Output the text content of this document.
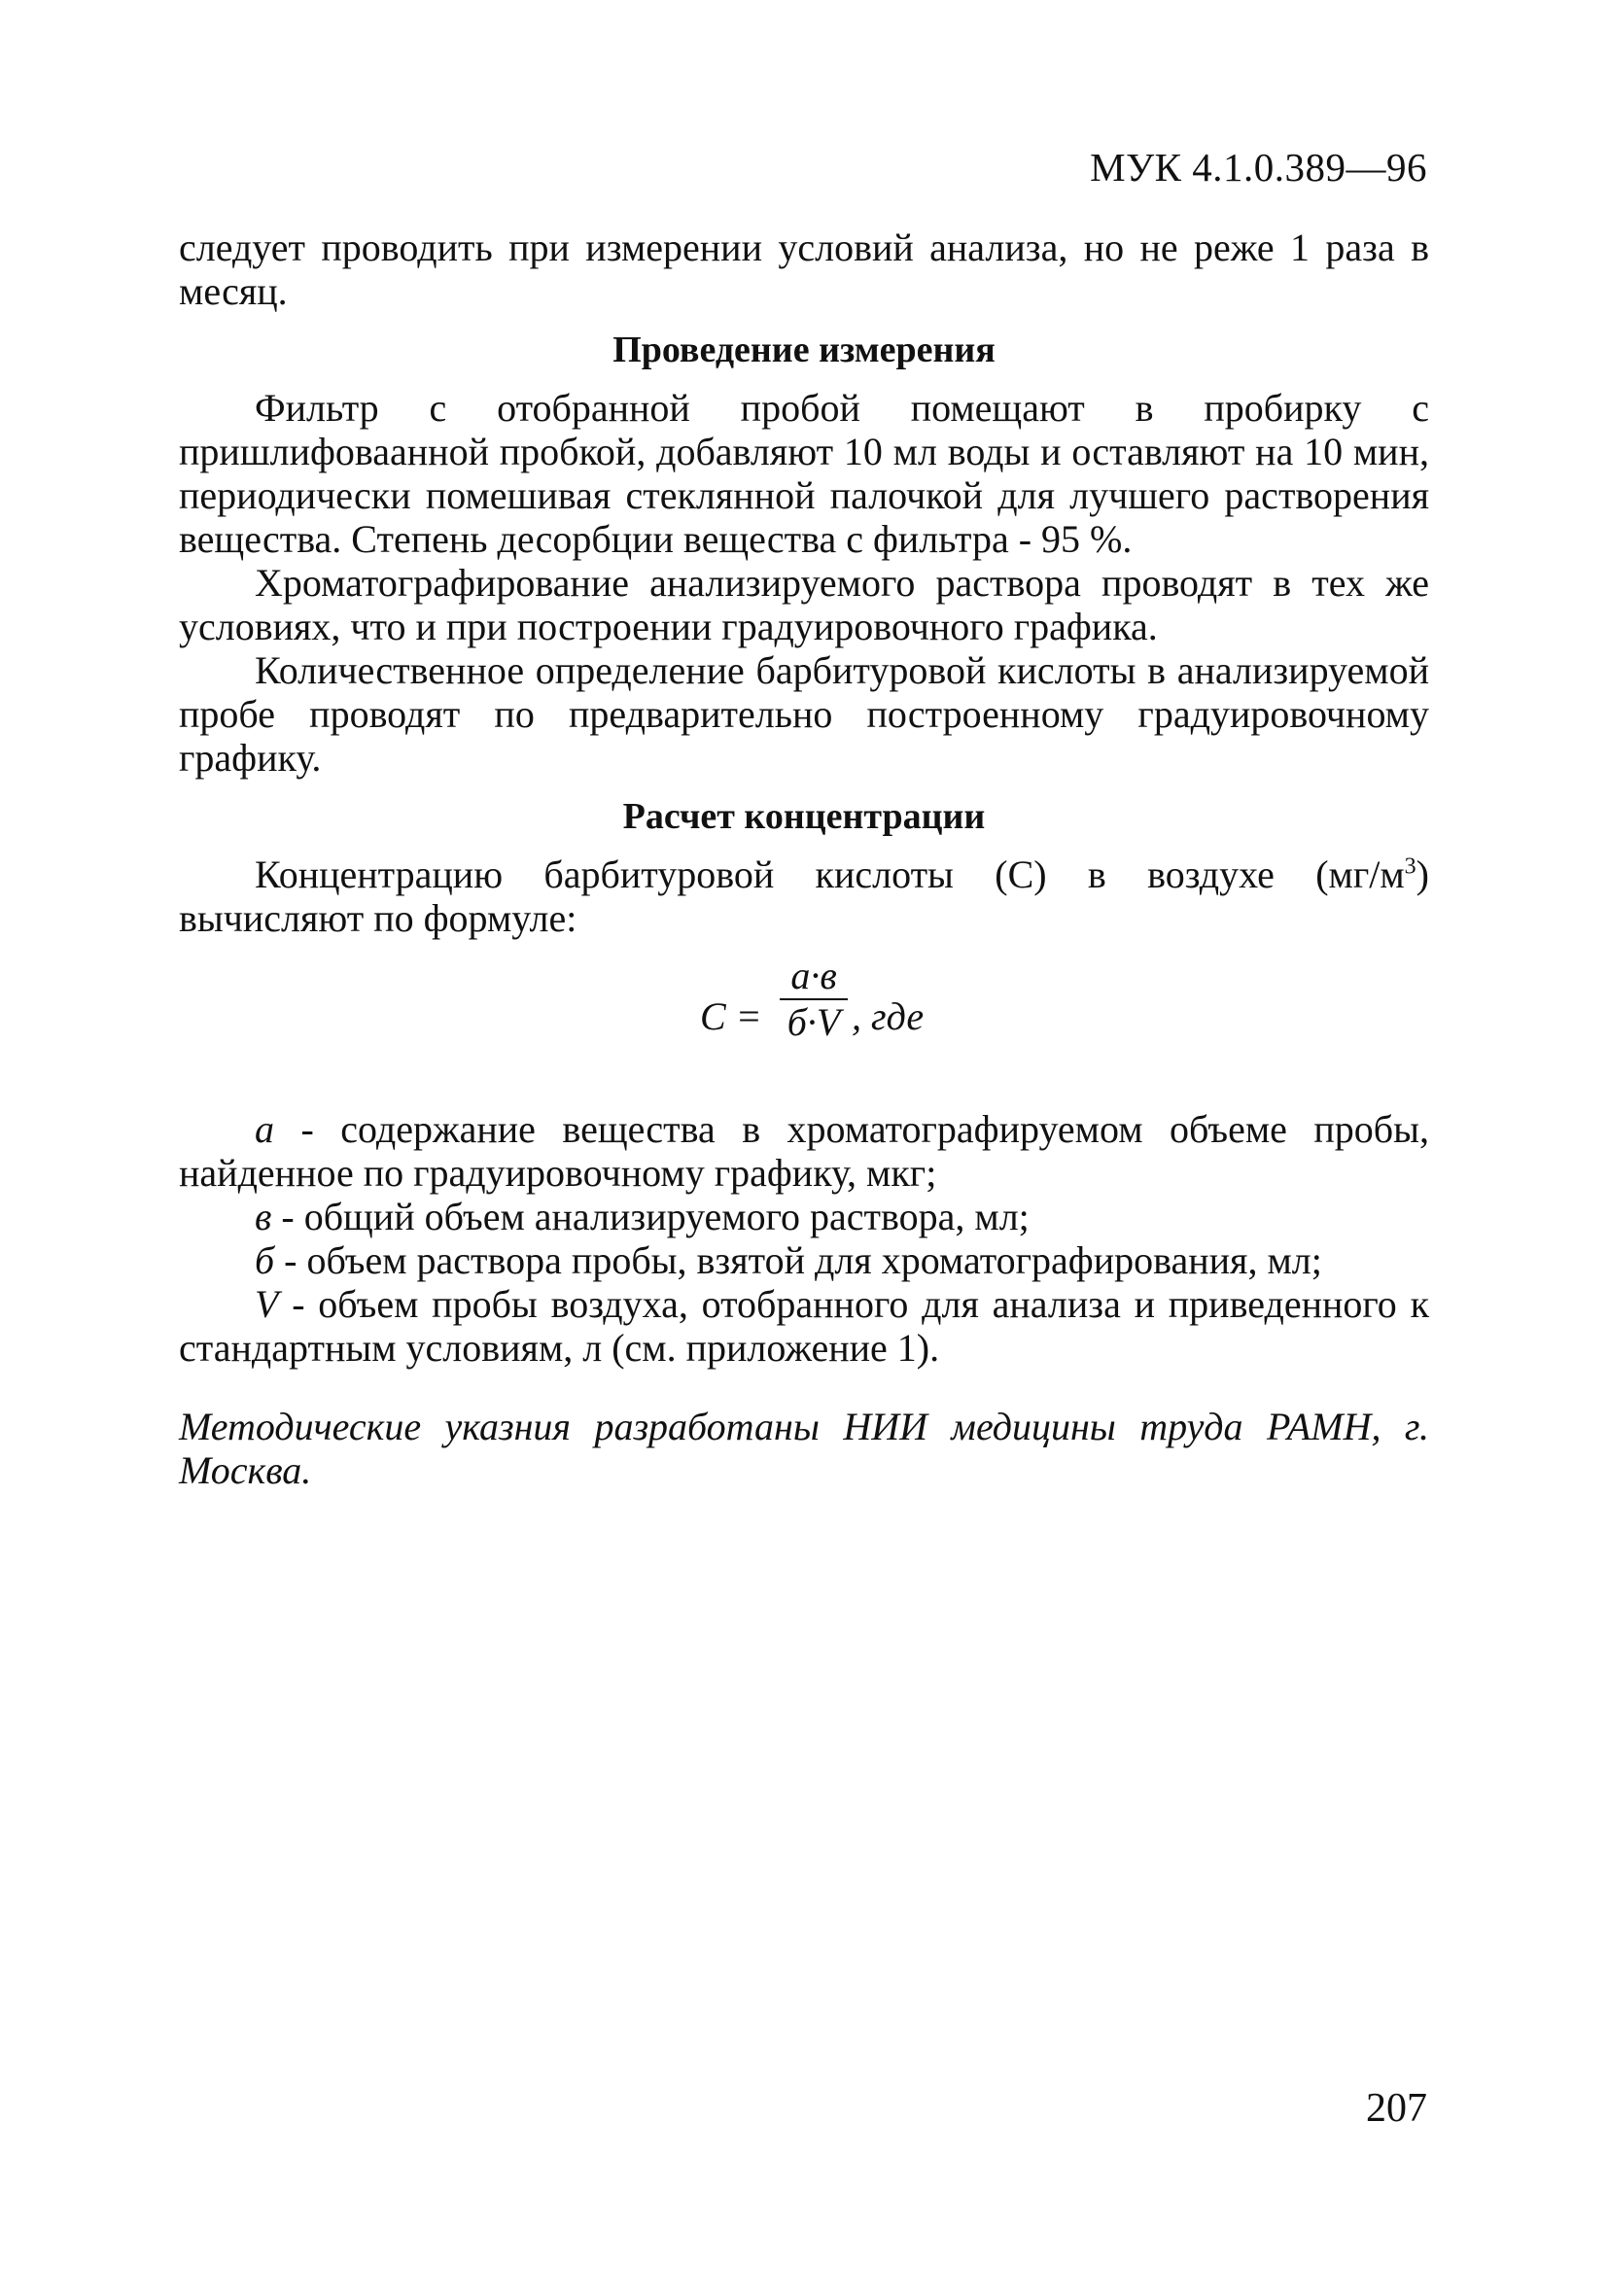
МУК 4.1.0.389—96

следует проводить при измерении условий анализа, но не реже 1 раза в месяц.

Проведение измерения

Фильтр с отобранной пробой помещают в пробирку с пришлифоваанной пробкой, добавляют 10 мл воды и оставляют на 10 мин, периодически помешивая стеклянной палочкой для лучшего растворения вещества. Степень десорбции вещества с фильтра - 95 %.

Хроматографирование анализируемого раствора проводят в тех же условиях, что и при построении градуировочного графика.

Количественное определение барбитуровой кислоты в анализируемой пробе проводят по предварительно построенному градуировочному графику.

Расчет концентрации

Концентрацию барбитуровой кислоты (С) в воздухе $(мг/м^3)$ вычисляют по формуле:

C =
а·в
б·V , где

а - содержание вещества в хроматографируемом объеме пробы, найденное по градуировочному графику, мкг;

в - общий объем анализируемого раствора, мл;

б - объем раствора пробы, взятой для хроматографирования, мл;

V - объем пробы воздуха, отобранного для анализа и приведенного к стандартным условиям, л (см. приложение 1).

Методические указния разработаны НИИ медицины труда РАМН, г. Москва.

207
